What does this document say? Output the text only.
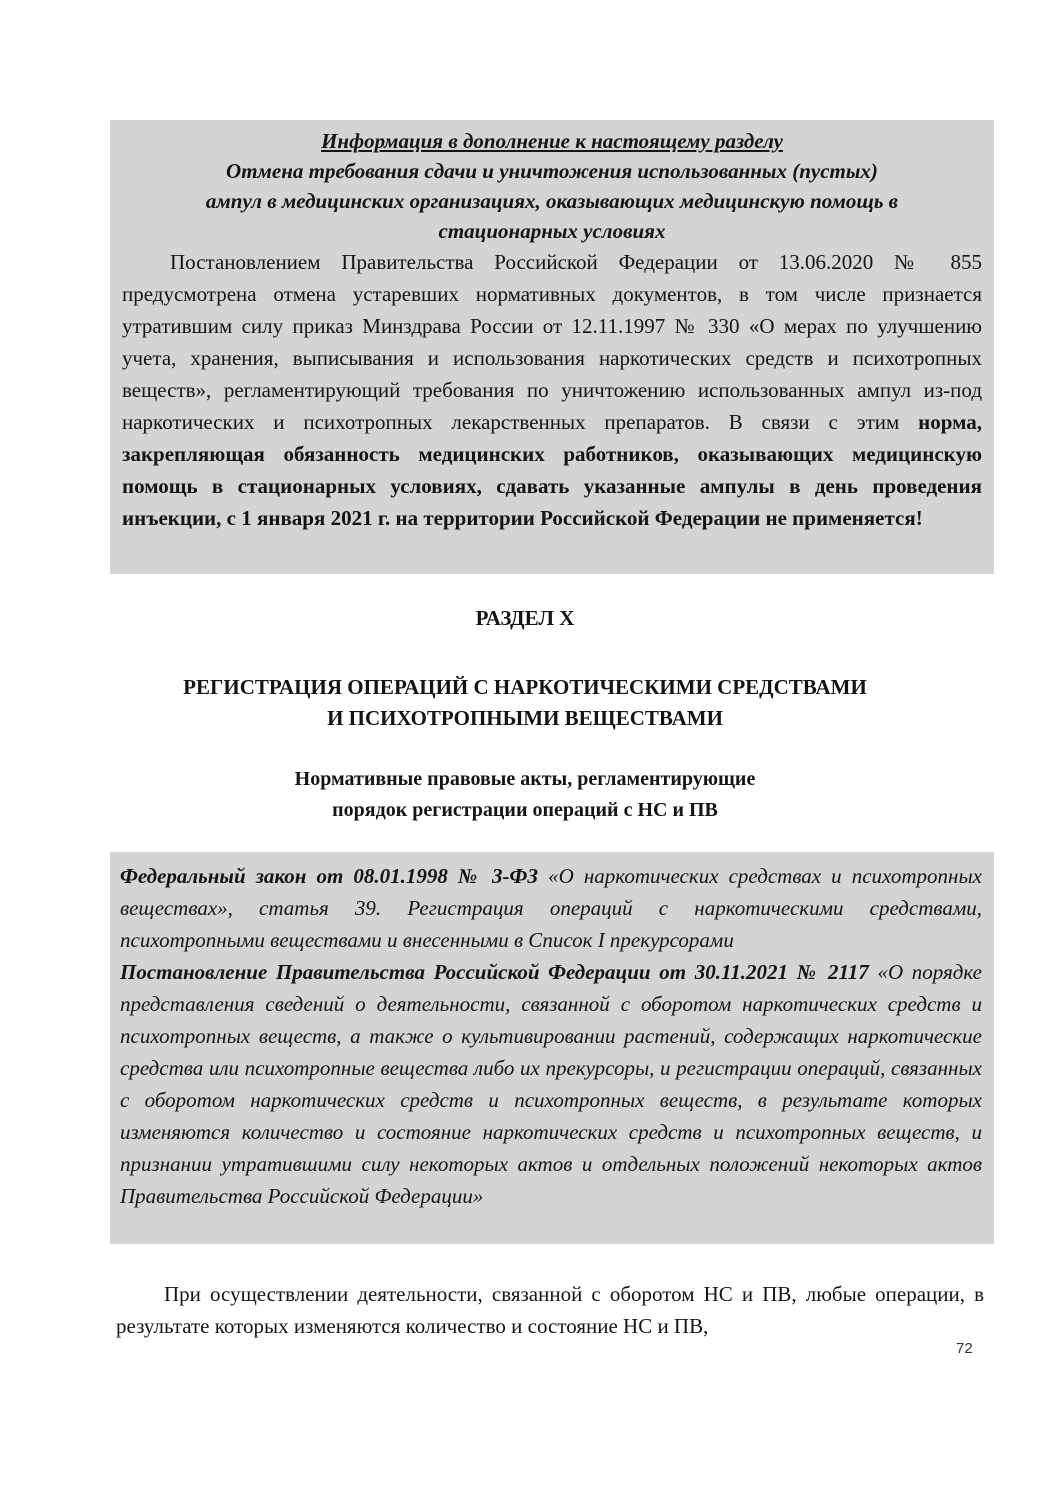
Информация в дополнение к настоящему разделу
Отмена требования сдачи и уничтожения использованных (пустых)
ампул в медицинских организациях, оказывающих медицинскую помощь в
стационарных условиях

Постановлением Правительства Российской Федерации от 13.06.2020 № 855 предусмотрена отмена устаревших нормативных документов, в том числе признается утратившим силу приказ Минздрава России от 12.11.1997 № 330 «О мерах по улучшению учета, хранения, выписывания и использования наркотических средств и психотропных веществ», регламентирующий требования по уничтожению использованных ампул из-под наркотических и психотропных лекарственных препаратов. В связи с этим норма, закрепляющая обязанность медицинских работников, оказывающих медицинскую помощь в стационарных условиях, сдавать указанные ампулы в день проведения инъекции, с 1 января 2021 г. на территории Российской Федерации не применяется!

РАЗДЕЛ X
РЕГИСТРАЦИЯ ОПЕРАЦИЙ С НАРКОТИЧЕСКИМИ СРЕДСТВАМИ
И ПСИХОТРОПНЫМИ ВЕЩЕСТВАМИ
Нормативные правовые акты, регламентирующие
порядок регистрации операций с НС и ПВ

Федеральный закон от 08.01.1998 № 3-ФЗ «О наркотических средствах и психотропных веществах», статья 39. Регистрация операций с наркотическими средствами, психотропными веществами и внесенными в Список I прекурсорами

Постановление Правительства Российской Федерации от 30.11.2021 № 2117 «О порядке представления сведений о деятельности, связанной с оборотом наркотических средств и психотропных веществ, а также о культивировании растений, содержащих наркотические средства или психотропные вещества либо их прекурсоры, и регистрации операций, связанных с оборотом наркотических средств и психотропных веществ, в результате которых изменяются количество и состояние наркотических средств и психотропных веществ, и признании утратившими силу некоторых актов и отдельных положений некоторых актов Правительства Российской Федерации»

При осуществлении деятельности, связанной с оборотом НС и ПВ, любые операции, в результате которых изменяются количество и состояние НС и ПВ,
72
